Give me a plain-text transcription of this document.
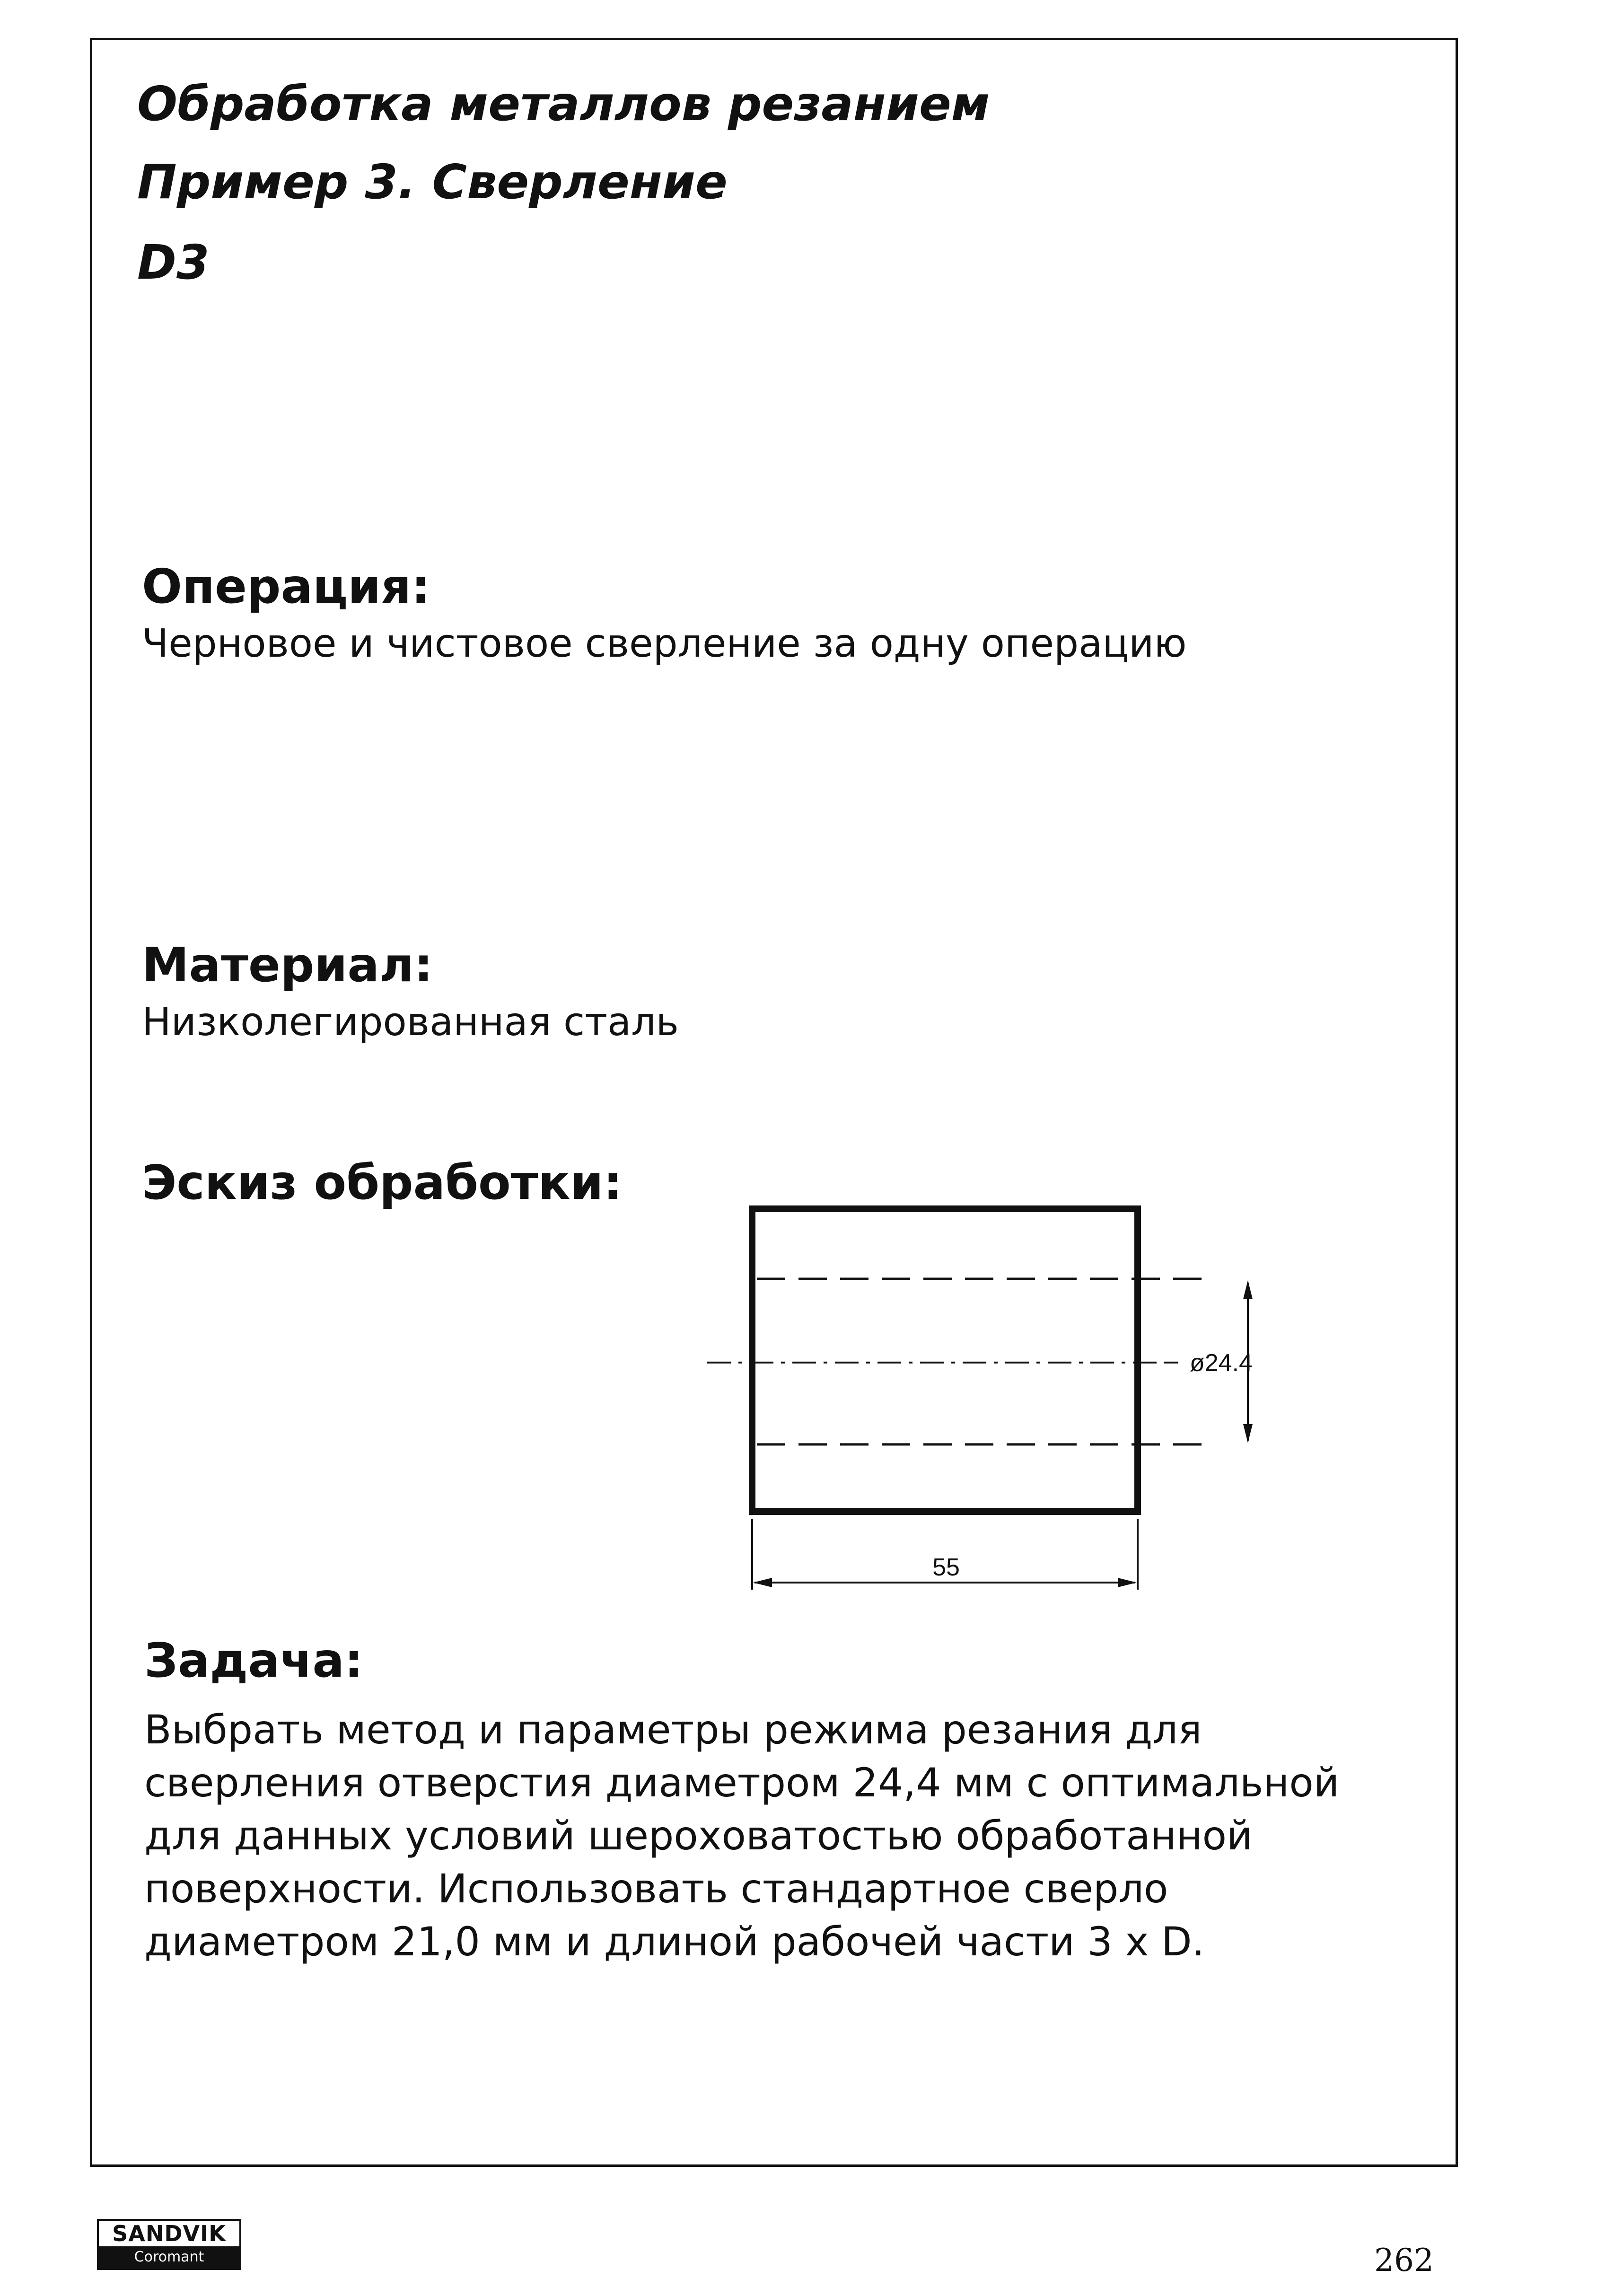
Обработка металлов резанием
Пример 3. Сверление
D3
Операция:

Черновое и чистовое сверление за одну операцию

Материал:

Низколегированная сталь

Эскиз обработки:
ø24.4
55
Задача:

Выбрать метод и параметры режима резания для
сверления отверстия диаметром 24,4 мм с оптимальной
для данных условий шероховатостью обработанной
поверхности. Использовать стандартное сверло
диаметром 21,0 мм и длиной рабочей части 3 x D.

SANDVIK
Coromant	262
